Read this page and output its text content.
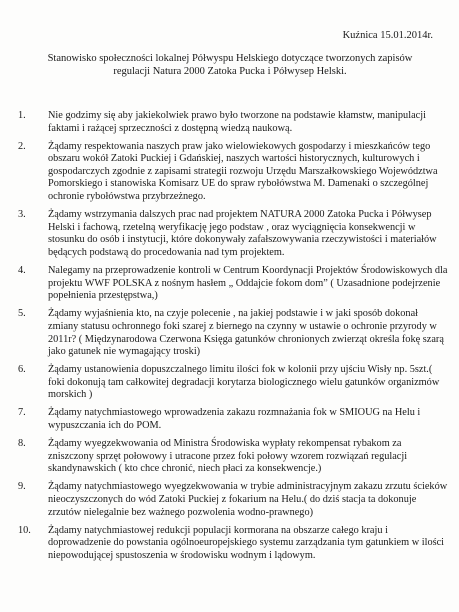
Kuźnica 15.01.2014r.
Stanowisko społeczności lokalnej Półwyspu Helskiego dotyczące tworzonych zapisów regulacji Natura 2000 Zatoka Pucka i Półwysep Helski.
1.	Nie godzimy się aby jakiekolwiek prawo było tworzone na podstawie kłamstw, manipulacji faktami i rażącej sprzeczności z dostępną wiedzą naukową.
2.	Żądamy respektowania naszych praw jako wielowiekowych gospodarzy i mieszkańców tego obszaru wokół Zatoki Puckiej i Gdańskiej, naszych wartości historycznych, kulturowych i gospodarczych zgodnie z zapisami strategii rozwoju Urzędu Marszałkowskiego Województwa Pomorskiego i stanowiska Komisarz UE do spraw rybołówstwa M. Damenaki o szczególnej ochronie rybołówstwa przybrzeżnego.
3.	Żądamy wstrzymania dalszych prac nad projektem NATURA 2000 Zatoka Pucka i Półwysep Helski i fachową, rzetelną weryfikację jego podstaw , oraz wyciągnięcia konsekwencji w stosunku do osób i instytucji, które dokonywały zafałszowywania rzeczywistości i materiałów będących podstawą do procedowania nad tym projektem.
4.	Nalegamy na przeprowadzenie kontroli w Centrum Koordynacji Projektów Środowiskowych dla projektu WWF POLSKA z nośnym hasłem „ Oddajcie fokom dom” ( Uzasadnione podejrzenie popełnienia przestępstwa,)
5.	Żądamy wyjaśnienia kto, na czyje polecenie , na jakiej podstawie i w jaki sposób dokonał zmiany statusu ochronnego foki szarej z biernego na czynny w ustawie o ochronie przyrody w 2011r? ( Międzynarodowa Czerwona Księga gatunków chronionych zwierząt określa fokę szarą jako gatunek nie wymagający troski)
6.	Żądamy ustanowienia dopuszczalnego limitu ilości fok w kolonii przy ujściu Wisły np. 5szt.( foki dokonują tam całkowitej degradacji korytarza biologicznego wielu gatunków organizmów morskich )
7.	Żądamy natychmiastowego wprowadzenia zakazu rozmnażania fok w SMIOUG na Helu i wypuszczania ich do POM.
8.	Żądamy wyegzekwowania od Ministra Środowiska wypłaty rekompensat rybakom za zniszczony sprzęt połowowy i utracone przez foki połowy wzorem rozwiązań regulacji skandynawskich ( kto chce chronić, niech płaci za konsekwencje.)
9.	Żądamy natychmiastowego wyegzekwowania w trybie administracyjnym zakazu zrzutu ścieków nieoczyszczonych do wód Zatoki Puckiej z fokarium na Helu.( do dziś stacja ta dokonuje zrzutów nielegalnie bez ważnego pozwolenia wodno-prawnego)
10.	Żądamy natychmiastowej redukcji populacji kormorana na obszarze całego kraju i doprowadzenie do powstania ogólnoeuropejskiego systemu zarządzania tym gatunkiem w ilości niepowodującej spustoszenia w środowisku wodnym i lądowym.
